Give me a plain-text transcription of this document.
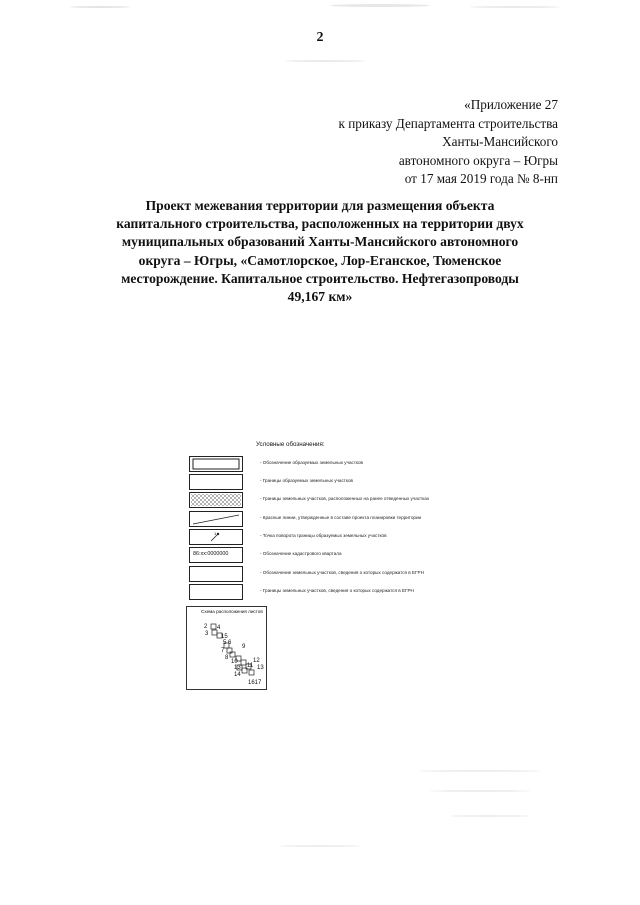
2
«Приложение 27
к приказу Департамента строительства
Ханты-Мансийского
автономного округа – Югры
от 17 мая 2019 года № 8-нп
Проект межевания территории для размещения объекта
капитального строительства, расположенных на территории двух
муниципальных образований Ханты-Мансийского автономного
округа – Югры, «Самотлорское, Лор-Еганское, Тюменское
месторождение. Капитальное строительство. Нефтегазопроводы
49,167 км»
Условные обозначения:
- Обозначение образуемых земельных участков
- Границы образуемых земельных участков
- Границы земельных участков, расположенных на ранее отведенных участках
- Красные линии, утвержденные в составе проекта планировки территории
1	- Точка поворота границы образуемых земельных участков
86:xx:0000000	- Обозначение кадастрового квартала
- Обозначение земельных участков, сведения о которых содержатся в ЕГРН
- Границы земельных участков, сведения о которых содержатся в ЕГРН
Схема расположения листов
2 4
3 15
5 6
9
7
8
10	12
11
13
14
13
1617
